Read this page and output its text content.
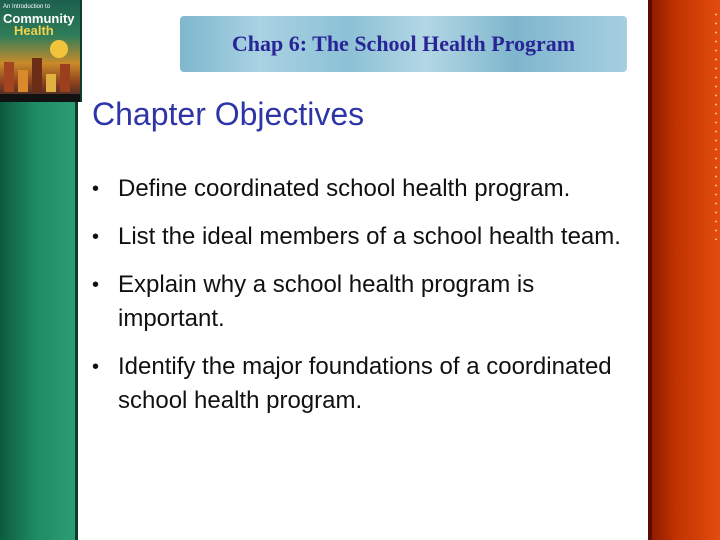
An Introduction to
Community
Health
Chap 6: The School Health Program
Chapter Objectives
• Define coordinated school health program.
• List the ideal members of a school health team.
• Explain why a school health program is important.
• Identify the major foundations of a coordinated school health program.
